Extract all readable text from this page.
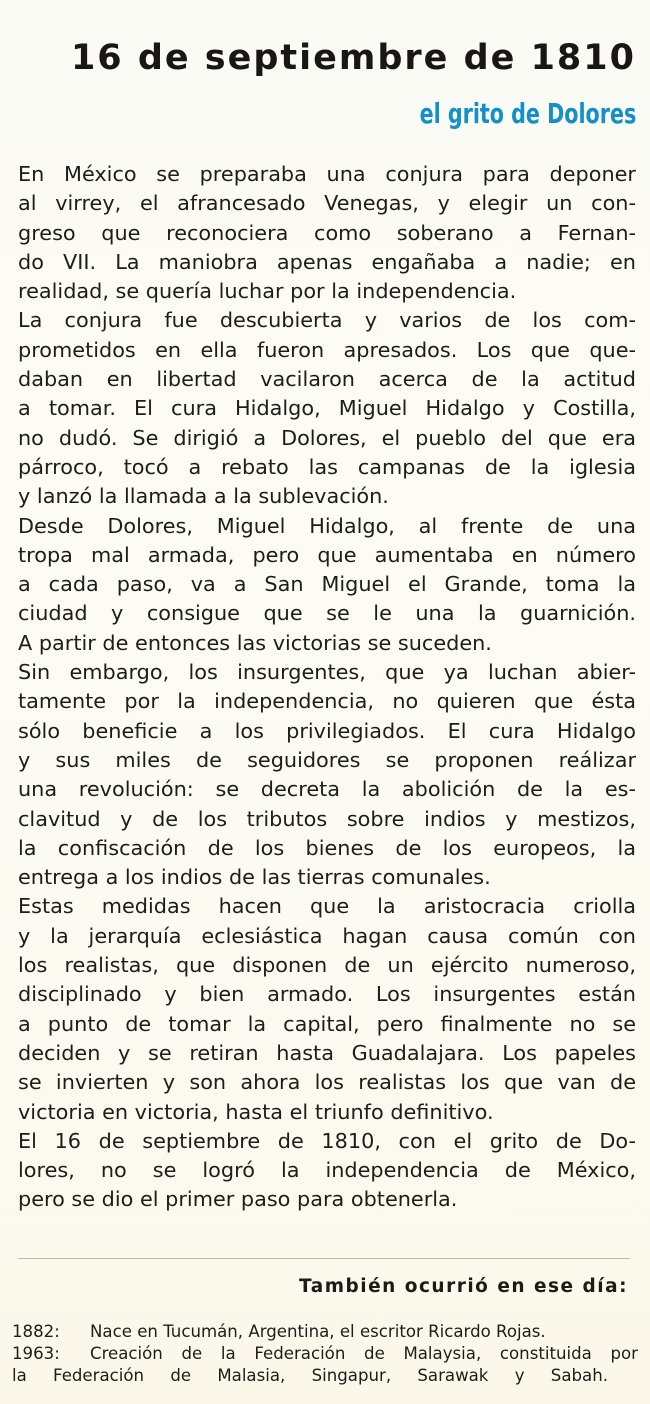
16 de septiembre de 1810
el grito de Dolores
En México se preparaba una conjura para deponer
al virrey, el afrancesado Venegas, y elegir un con-
greso que reconociera como soberano a Fernan-
do VII. La maniobra apenas engañaba a nadie; en
realidad, se quería luchar por la independencia.
La conjura fue descubierta y varios de los com-
prometidos en ella fueron apresados. Los que que-
daban en libertad vacilaron acerca de la actitud
a tomar. El cura Hidalgo, Miguel Hidalgo y Costilla,
no dudó. Se dirigió a Dolores, el pueblo del que era
párroco, tocó a rebato las campanas de la iglesia
y lanzó la llamada a la sublevación.
Desde Dolores, Miguel Hidalgo, al frente de una
tropa mal armada, pero que aumentaba en número
a cada paso, va a San Miguel el Grande, toma la
ciudad y consigue que se le una la guarnición.
A partir de entonces las victorias se suceden.
Sin embargo, los insurgentes, que ya luchan abier-
tamente por la independencia, no quieren que ésta
sólo beneficie a los privilegiados. El cura Hidalgo
y sus miles de seguidores se proponen reálizar
una revolución: se decreta la abolición de la es-
clavitud y de los tributos sobre indios y mestizos,
la confiscación de los bienes de los europeos, la
entrega a los indios de las tierras comunales.
Estas medidas hacen que la aristocracia criolla
y la jerarquía eclesiástica hagan causa común con
los realistas, que disponen de un ejército numeroso,
disciplinado y bien armado. Los insurgentes están
a punto de tomar la capital, pero finalmente no se
deciden y se retiran hasta Guadalajara. Los papeles
se invierten y son ahora los realistas los que van de
victoria en victoria, hasta el triunfo definitivo.
El 16 de septiembre de 1810, con el grito de Do-
lores, no se logró la independencia de México,
pero se dio el primer paso para obtenerla.
También ocurrió en ese día:
1882:	Nace en Tucumán, Argentina, el escritor Ricardo Rojas.
1963:	Creación de la Federación de Malaysia, constituida por
la Federación de Malasia, Singapur, Sarawak y Sabah.
